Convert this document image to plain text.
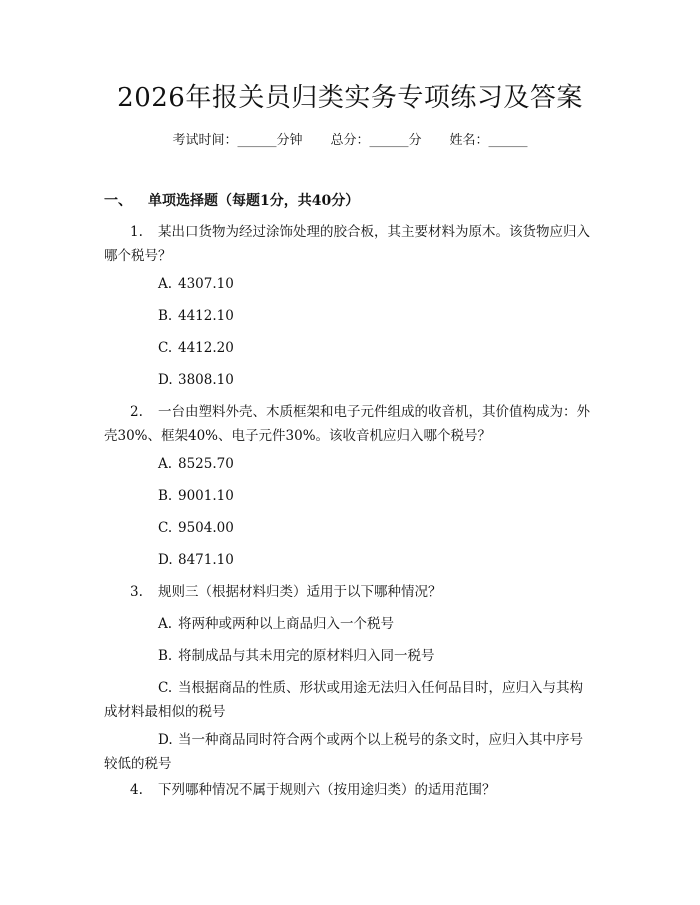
2026年报关员归类实务专项练习及答案
考试时间：______分钟 总分：______分 姓名：______
一、 单项选择题（每题1分，共40分）
1. 某出口货物为经过涂饰处理的胶合板，其主要材料为原木。该货物应归入
哪个税号？
A. 4307.10
B. 4412.10
C. 4412.20
D. 3808.10
2. 一台由塑料外壳、木质框架和电子元件组成的收音机，其价值构成为：外
壳30%、框架40%、电子元件30%。该收音机应归入哪个税号？
A. 8525.70
B. 9001.10
C. 9504.00
D. 8471.10
3. 规则三（根据材料归类）适用于以下哪种情况？
A. 将两种或两种以上商品归入一个税号
B. 将制成品与其未用完的原材料归入同一税号
C. 当根据商品的性质、形状或用途无法归入任何品目时，应归入与其构
成材料最相似的税号
D. 当一种商品同时符合两个或两个以上税号的条文时，应归入其中序号
较低的税号
4. 下列哪种情况不属于规则六（按用途归类）的适用范围？
